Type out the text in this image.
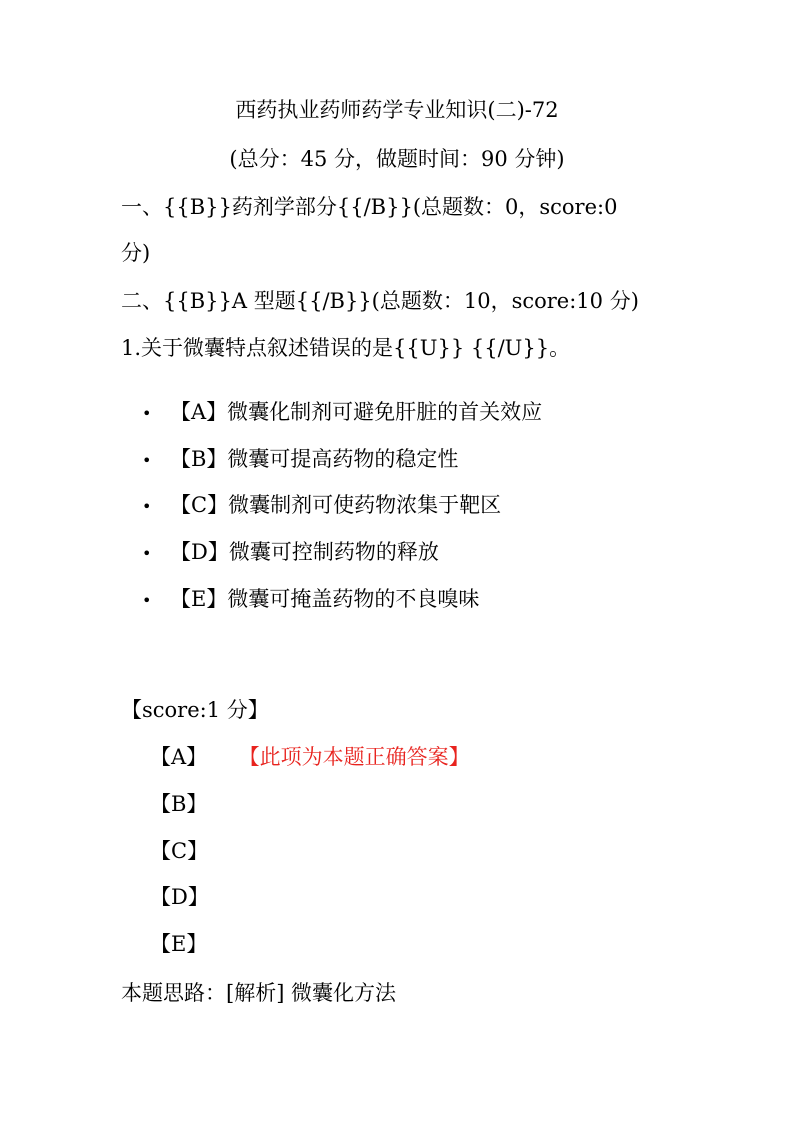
西药执业药师药学专业知识(二)-72
(总分：45 分，做题时间：90 分钟)
一、{{B}}药剂学部分{{/B}}(总题数：0，score:0
分)
二、{{B}}A 型题{{/B}}(总题数：10，score:10 分)
1.关于微囊特点叙述错误的是{{U}} {{/U}}。
• 【A】微囊化制剂可避免肝脏的首关效应
• 【B】微囊可提高药物的稳定性
• 【C】微囊制剂可使药物浓集于靶区
• 【D】微囊可控制药物的释放
• 【E】微囊可掩盖药物的不良嗅味
【score:1 分】
【A】 【此项为本题正确答案】
【B】
【C】
【D】
【E】
本题思路：[解析] 微囊化方法
